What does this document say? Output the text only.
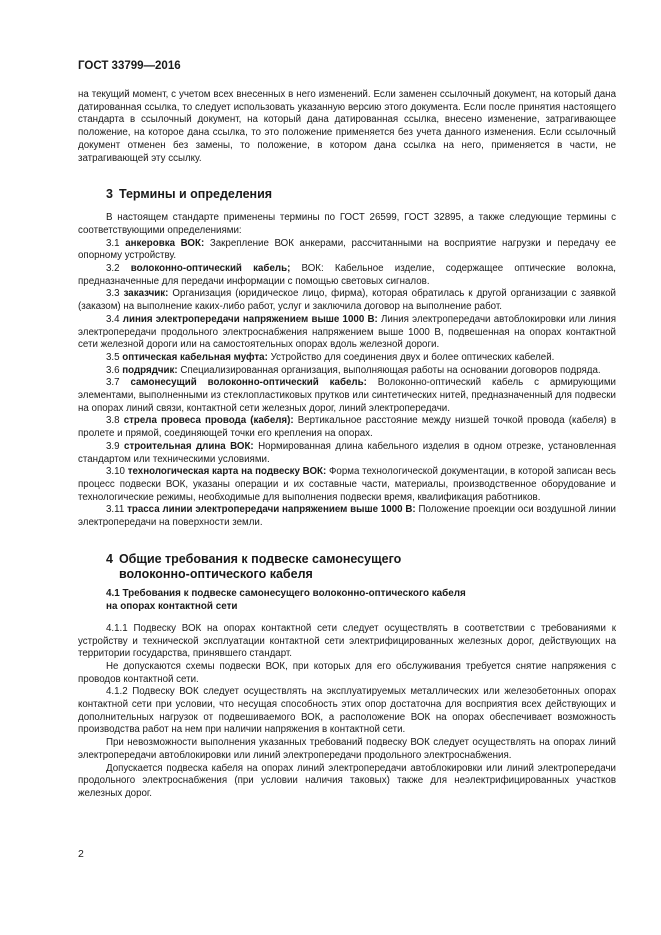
ГОСТ 33799—2016

на текущий момент, с учетом всех внесенных в него изменений. Если заменен ссылочный документ, на который дана датированная ссылка, то следует использовать указанную версию этого документа. Если после принятия настоящего стандарта в ссылочный документ, на который дана датированная ссылка, внесено изменение, затрагивающее положение, на которое дана ссылка, то это положение применяется без учета данного изменения. Если ссылочный документ отменен без замены, то положение, в котором дана ссылка на него, применяется в части, не затрагивающей эту ссылку.

3 Термины и определения

В настоящем стандарте применены термины по ГОСТ 26599, ГОСТ 32895, а также следующие термины с соответствующими определениями:

3.1 анкеровка ВОК: Закрепление ВОК анкерами, рассчитанными на восприятие нагрузки и передачу ее опорному устройству.

3.2 волоконно-оптический кабель; ВОК: Кабельное изделие, содержащее оптические волокна, предназначенные для передачи информации с помощью световых сигналов.

3.3 заказчик: Организация (юридическое лицо, фирма), которая обратилась к другой организации с заявкой (заказом) на выполнение каких-либо работ, услуг и заключила договор на выполнение работ.

3.4 линия электропередачи напряжением выше 1000 В: Линия электропередачи автоблокировки или линия электропередачи продольного электроснабжения напряжением выше 1000 В, подвешенная на опорах контактной сети железной дороги или на самостоятельных опорах вдоль железной дороги.

3.5 оптическая кабельная муфта: Устройство для соединения двух и более оптических кабелей.

3.6 подрядчик: Специализированная организация, выполняющая работы на основании договоров подряда.

3.7 самонесущий волоконно-оптический кабель: Волоконно-оптический кабель с армирующими элементами, выполненными из стеклопластиковых прутков или синтетических нитей, предназначенный для подвески на опорах линий связи, контактной сети железных дорог, линий электропередачи.

3.8 стрела провеса провода (кабеля): Вертикальное расстояние между низшей точкой провода (кабеля) в пролете и прямой, соединяющей точки его крепления на опорах.

3.9 строительная длина ВОК: Нормированная длина кабельного изделия в одном отрезке, установленная стандартом или техническими условиями.

3.10 технологическая карта на подвеску ВОК: Форма технологической документации, в которой записан весь процесс подвески ВОК, указаны операции и их составные части, материалы, производственное оборудование и технологические режимы, необходимые для выполнения подвески время, квалификация работников.

3.11 трасса линии электропередачи напряжением выше 1000 В: Положение проекции оси воздушной линии электропередачи на поверхности земли.

4 Общие требования к подвеске самонесущего
волоконно-оптического кабеля
4.1 Требования к подвеске самонесущего волоконно-оптического кабеля
на опорах контактной сети

4.1.1 Подвеску ВОК на опорах контактной сети следует осуществлять в соответствии с требованиями к устройству и технической эксплуатации контактной сети электрифицированных железных дорог, действующих на территории государства, принявшего стандарт.

Не допускаются схемы подвески ВОК, при которых для его обслуживания требуется снятие напряжения с проводов контактной сети.

4.1.2 Подвеску ВОК следует осуществлять на эксплуатируемых металлических или железобетонных опорах контактной сети при условии, что несущая способность этих опор достаточна для восприятия всех действующих и дополнительных нагрузок от подвешиваемого ВОК, а расположение ВОК на опорах обеспечивает возможность производства работ на нем при наличии напряжения в контактной сети.

При невозможности выполнения указанных требований подвеску ВОК следует осуществлять на опорах линий электропередачи автоблокировки или линий электропередачи продольного электроснабжения.

Допускается подвеска кабеля на опорах линий электропередачи автоблокировки или линий электропередачи продольного электроснабжения (при условии наличия таковых) также для неэлектрифицированных участков железных дорог.

2
